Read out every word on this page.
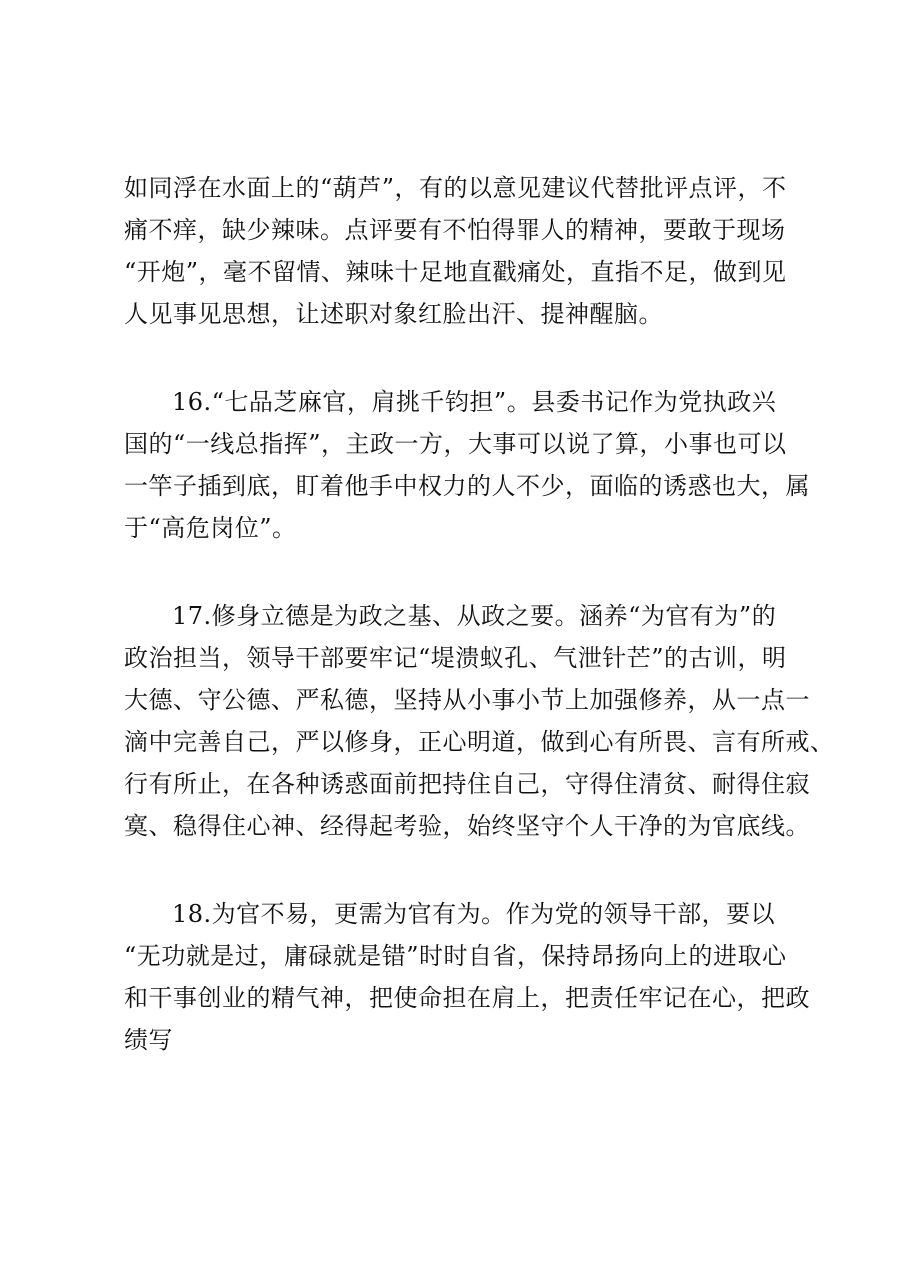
如同浮在水面上的“葫芦”，有的以意见建议代替批评点评，不
痛不痒，缺少辣味。点评要有不怕得罪人的精神，要敢于现场
“开炮”，毫不留情、辣味十足地直戳痛处，直指不足，做到见
人见事见思想，让述职对象红脸出汗、提神醒脑。
16.“七品芝麻官，肩挑千钧担”。县委书记作为党执政兴
国的“一线总指挥”，主政一方，大事可以说了算，小事也可以
一竿子插到底，盯着他手中权力的人不少，面临的诱惑也大，属
于“高危岗位”。
17.修身立德是为政之基、从政之要。涵养“为官有为”的
政治担当，领导干部要牢记“堤溃蚁孔、气泄针芒”的古训，明
大德、守公德、严私德，坚持从小事小节上加强修养，从一点一
滴中完善自己，严以修身，正心明道，做到心有所畏、言有所戒、
行有所止，在各种诱惑面前把持住自己，守得住清贫、耐得住寂
寞、稳得住心神、经得起考验，始终坚守个人干净的为官底线。
18.为官不易，更需为官有为。作为党的领导干部，要以
“无功就是过，庸碌就是错”时时自省，保持昂扬向上的进取心
和干事创业的精气神，把使命担在肩上，把责任牢记在心，把政
绩写
